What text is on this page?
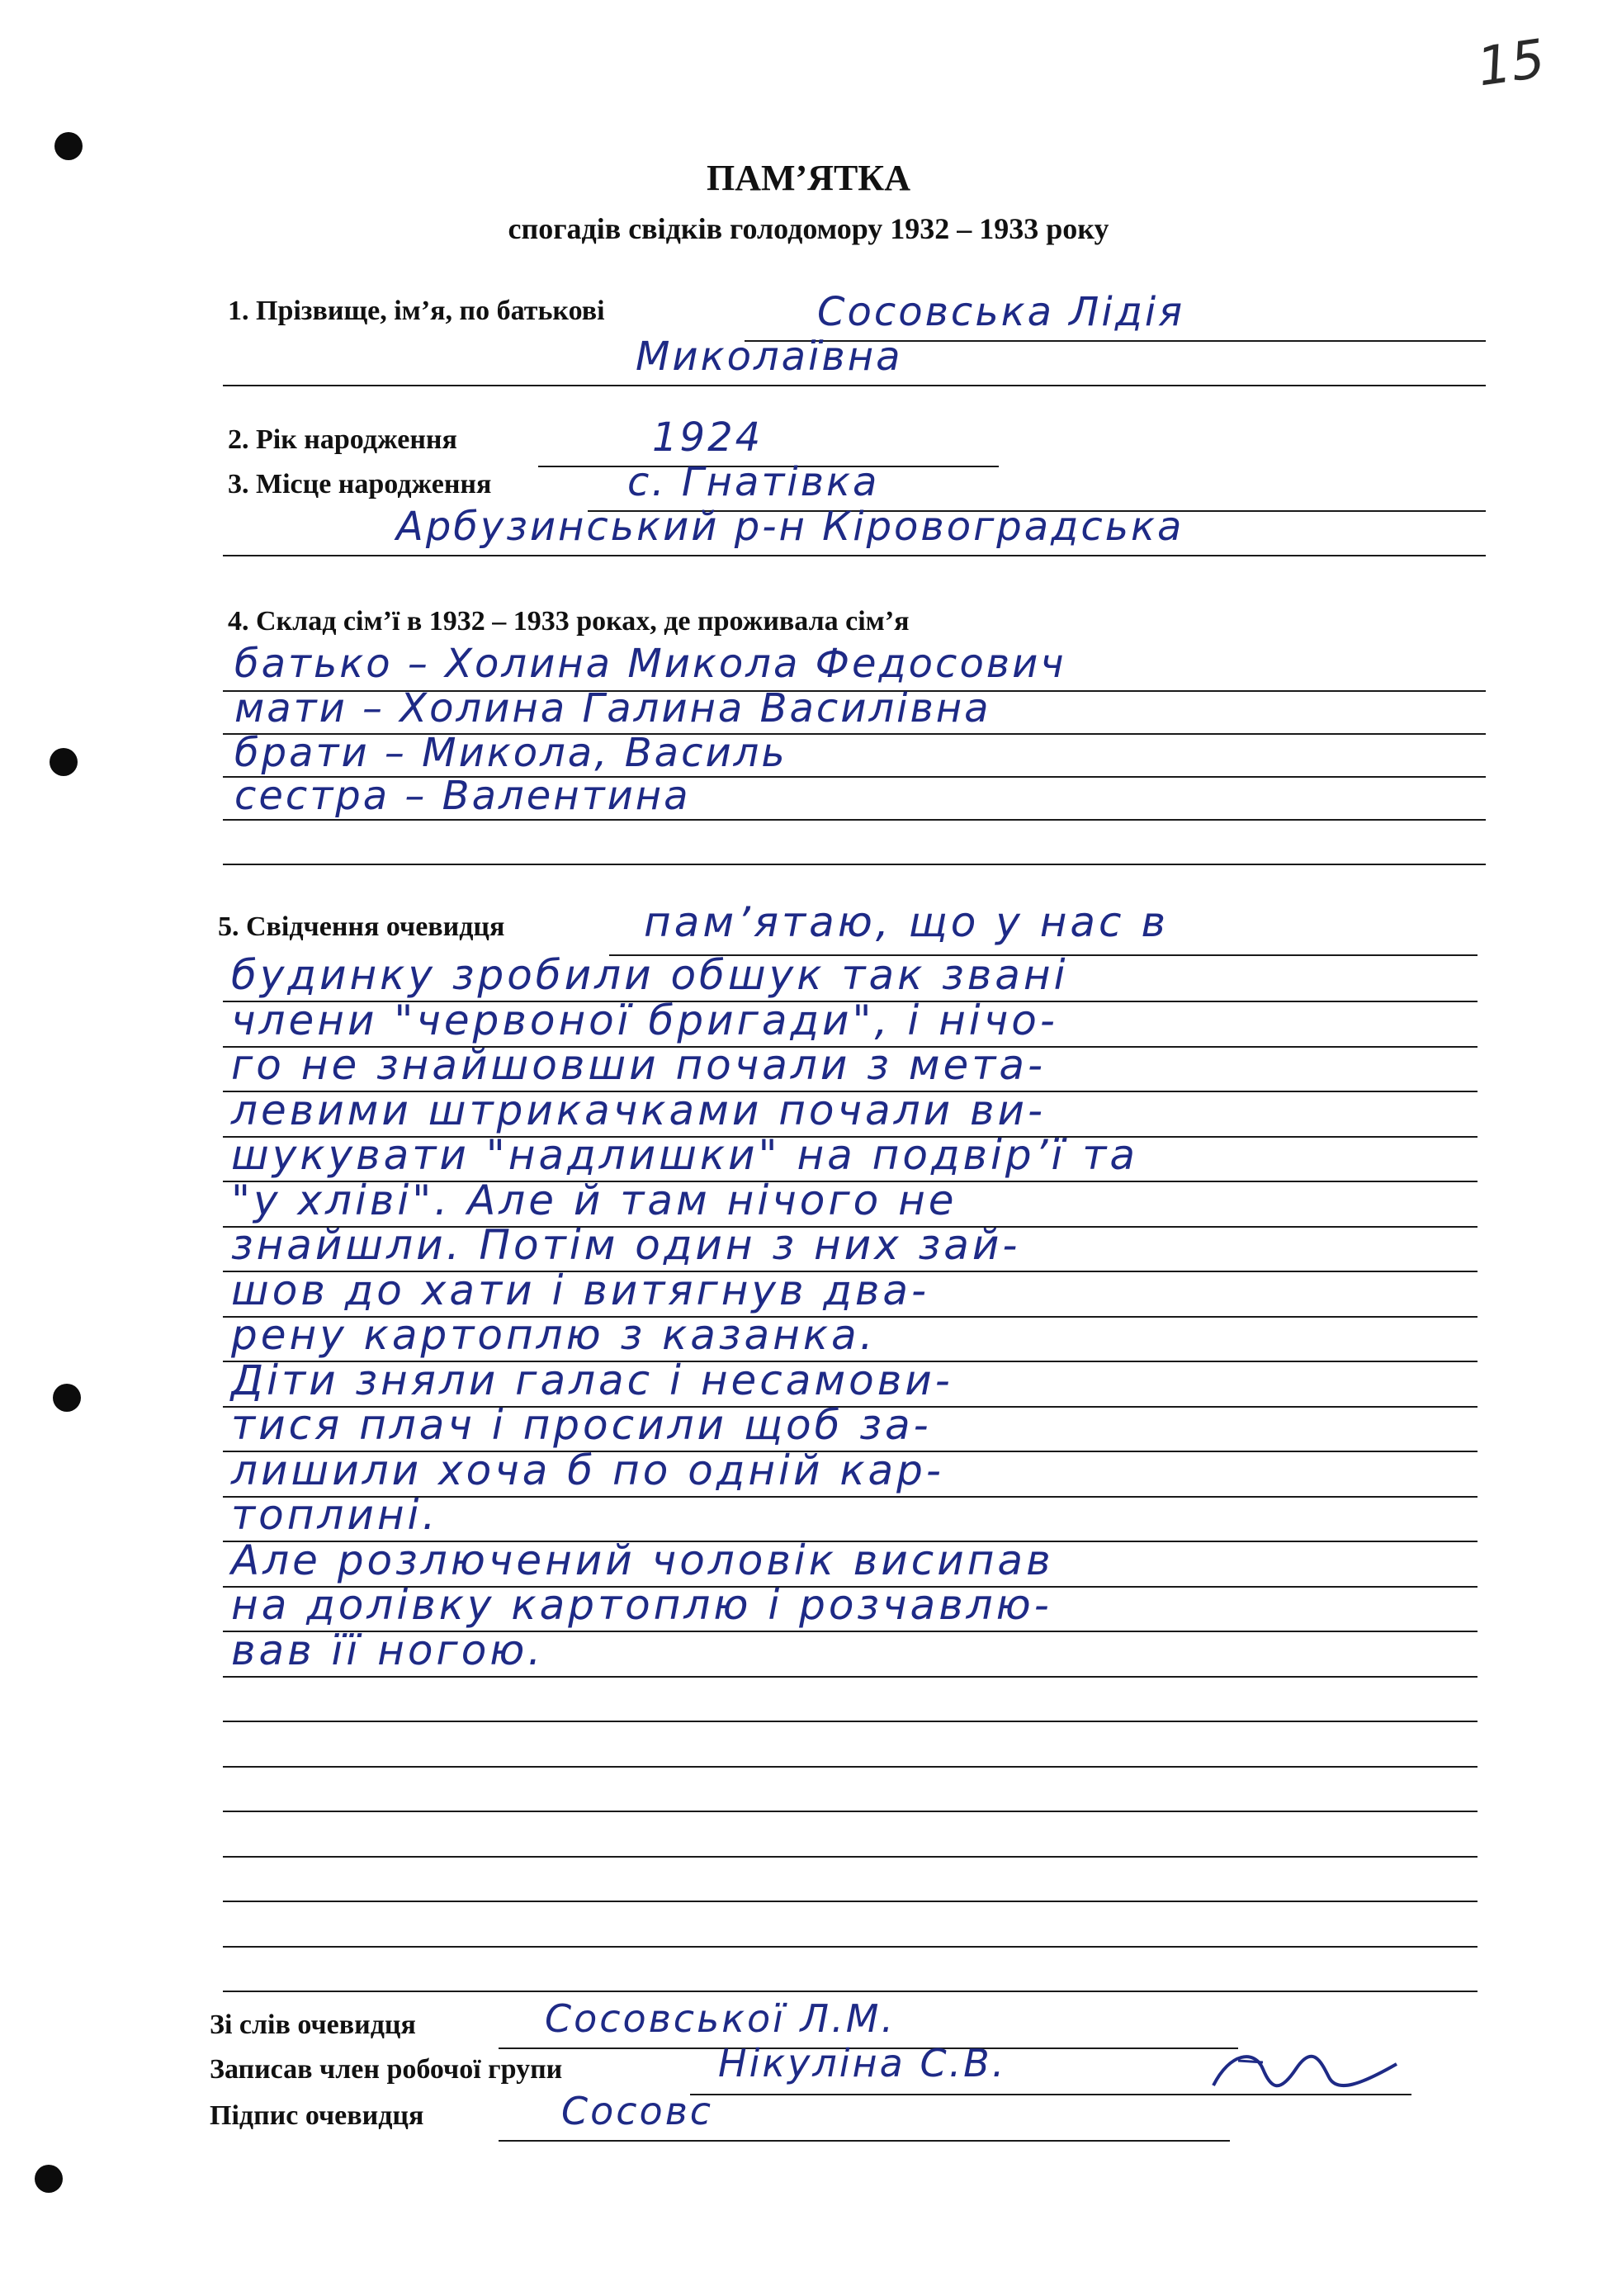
15
ПАМ’ЯТКА
спогадів свідків голодомору 1932 – 1933 року
1. Прізвище, ім’я, по батькові	Сосовська Лідія
Миколаївна
2. Рік народження	1924
3. Місце народження	с. Гнатівка
Арбузинський р-н Кіровоградська
4. Склад сім’ї в 1932 – 1933 роках, де проживала сім’я
батько – Холина Микола Федосович
мати – Холина Галина Василівна
брати – Микола, Василь
сестра – Валентина
5. Свідчення очевидця	пам’ятаю, що у нас в
будинку зробили обшук так звані
члени "червоної бригади", і нічо-
го не знайшовши почали з мета-
левими штрикачками почали ви-
шукувати "надлишки" на подвір’ї та
"у хліві". Але й там нічого не
знайшли. Потім один з них зай-
шов до хати і витягнув два-
рену картоплю з казанка.
Діти зняли галас і несамови-
тися плач і просили щоб за-
лишили хоча б по одній кар-
топлині.
Але розлючений чоловік висипав
на долівку картоплю і розчавлю-
вав її ногою.
Зі слів очевидця	Сосовської Л.М.
Записав член робочої групи	Нікуліна С.В.
Підпис очевидця	Сосовс
